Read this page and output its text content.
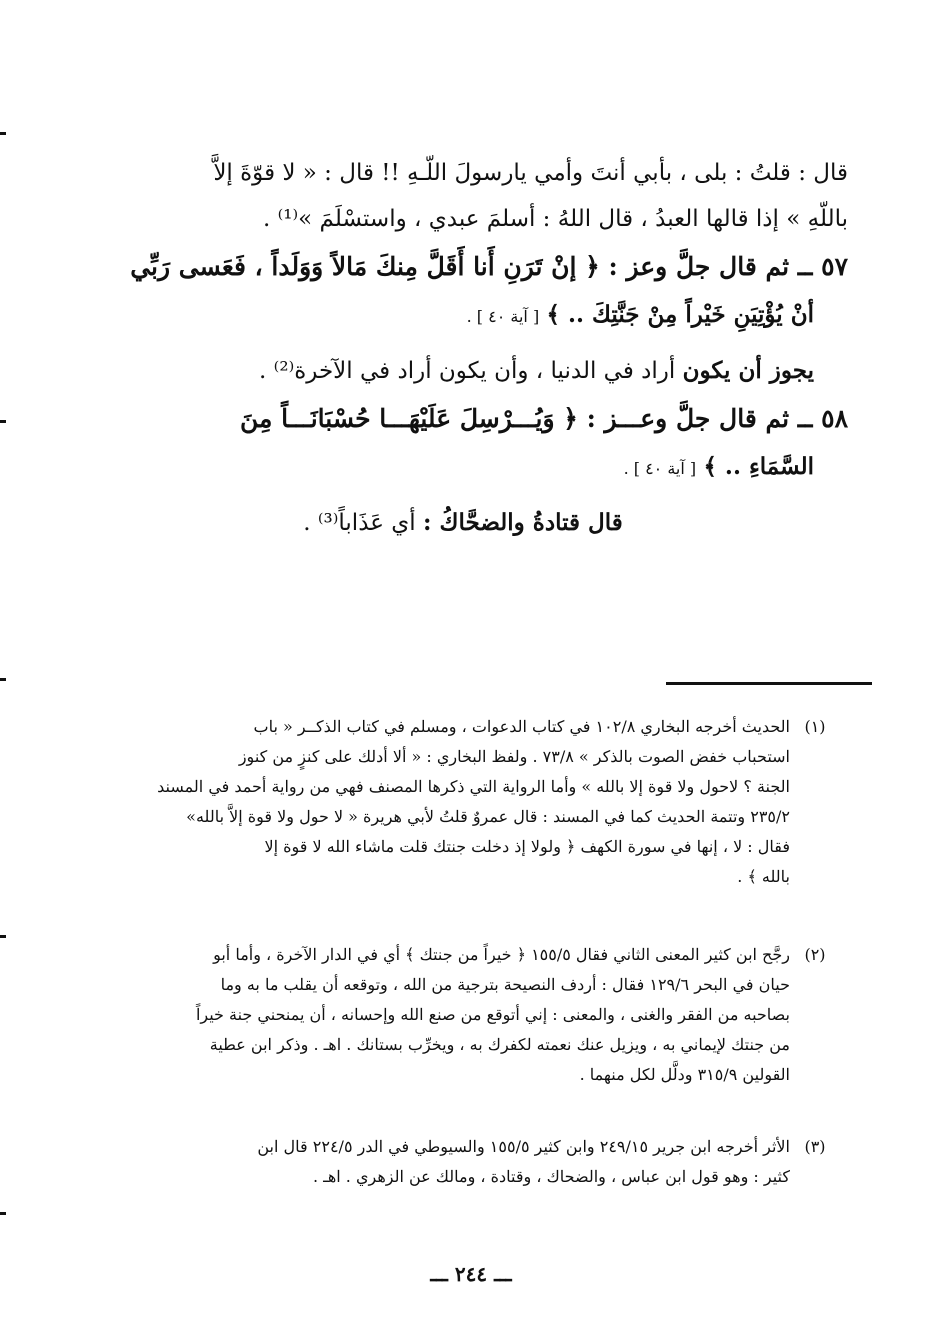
قال : قلتُ : بلى ، بأبي أنتَ وأمي يارسولَ اللّـهِ !! قال : « لا قوّةَ إلاَّ
باللّهِ » إذا قالها العبدُ ، قال اللهُ : أسلمَ عبدي ، واستسْلَمَ »⁽¹⁾ .
٥٧ ــ ثم قال جلَّ وعز : ﴿ إنْ تَرَنِ أَنا أَقَلَّ مِنكَ مَالاً وَوَلَداً ، فَعَسى رَبِّي
أنْ يُؤْتِيَنِ خَيْراً مِنْ جَنَّتِكَ .. ﴾ [ آية ٤٠ ] .
يجوز أن يكون أراد في الدنيا ، وأن يكون أراد في الآخرة⁽²⁾ .
٥٨ ــ ثم قال جلَّ وعـــز : ﴿ وَيُـــرْسِلَ عَلَيْهَـــا حُسْبَانَـــاً مِنَ
السَّمَاءِ .. ﴾ [ آية ٤٠ ] .
قال قتادةُ والضحَّاكُ : أي عَذَاباً⁽³⁾ .
(١)
الحديث أخرجه البخاري ١٠٢/٨ في كتاب الدعوات ، ومسلم في كتاب الذكــر « باب
استحباب خفض الصوت بالذكر » ٧٣/٨ . ولفظ البخاري : « ألا أدلك على كنزٍ من كنوز
الجنة ؟ لاحول ولا قوة إلا بالله » وأما الرواية التي ذكرها المصنف فهي من رواية أحمد في المسند
٢٣٥/٢ وتتمة الحديث كما في المسند : قال عمروٌ قلتُ لأبي هريرة « لا حول ولا قوة إلاَّ بالله»
فقال : لا ، إنها في سورة الكهف ﴿ ولولا إذ دخلت جنتك قلت ماشاء الله لا قوة إلا
بالله ﴾ .
(٢)
رجَّح ابن كثير المعنى الثاني فقال ١٥٥/٥ ﴿ خيراً من جنتك ﴾ أي في الدار الآخرة ، وأما أبو
حيان في البحر ١٢٩/٦ فقال : أردف النصيحة بترجية من الله ، وتوقعه أن يقلب ما به وما
بصاحبه من الفقر والغنى ، والمعنى : إني أتوقع من صنع الله وإحسانه ، أن يمنحني جنة خيراً
من جنتك لإيماني به ، ويزيل عنك نعمته لكفرك به ، ويخرِّب بستانك . اهـ . وذكر ابن عطية
القولين ٣١٥/٩ ودلَّل لكل منهما .
(٣)
الأثر أخرجه ابن جرير ٢٤٩/١٥ وابن كثير ١٥٥/٥ والسيوطي في الدر ٢٢٤/٥ قال ابن
كثير : وهو قول ابن عباس ، والضحاك ، وقتادة ، ومالك عن الزهري . اهـ .
ـــ ٢٤٤ ـــ
